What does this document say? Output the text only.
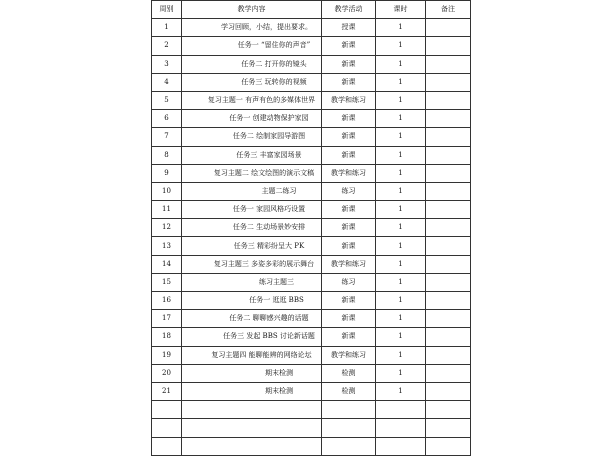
周别	教学内容	教学活动	课时	备注
1	学习回顾，小结，提出要求。	授课	1	
2	任务一 “留住你的声音”	新课	1	
3	任务二 打开你的镜头	新课	1	
4	任务三 玩转你的视频	新课	1	
5	复习主题一 有声有色的多媒体世界	教学和练习	1	
6	任务一 创建动物保护家园	新课	1	
7	任务二 绘制家园导游图	新课	1	
8	任务三 丰富家园场景	新课	1	
9	复习主题二 绘文绘图的演示文稿	教学和练习	1	
10	主题二练习	练习	1	
11	任务一 家园风格巧设置	新课	1	
12	任务二 生动场景妙安排	新课	1	
13	任务三 精彩纷呈大 PK	新课	1	
14	复习主题三 多姿多彩的展示舞台	教学和练习	1	
15	练习主题三	练习	1	
16	任务一 逛逛 BBS	新课	1	
17	任务二 聊聊感兴趣的话题	新课	1	
18	任务三 发起 BBS 讨论新话题	新课	1	
19	复习主题四 能聊能辨的网络论坛	教学和练习	1	
20	期末检测	检测	1	
21	期末检测	检测	1	
